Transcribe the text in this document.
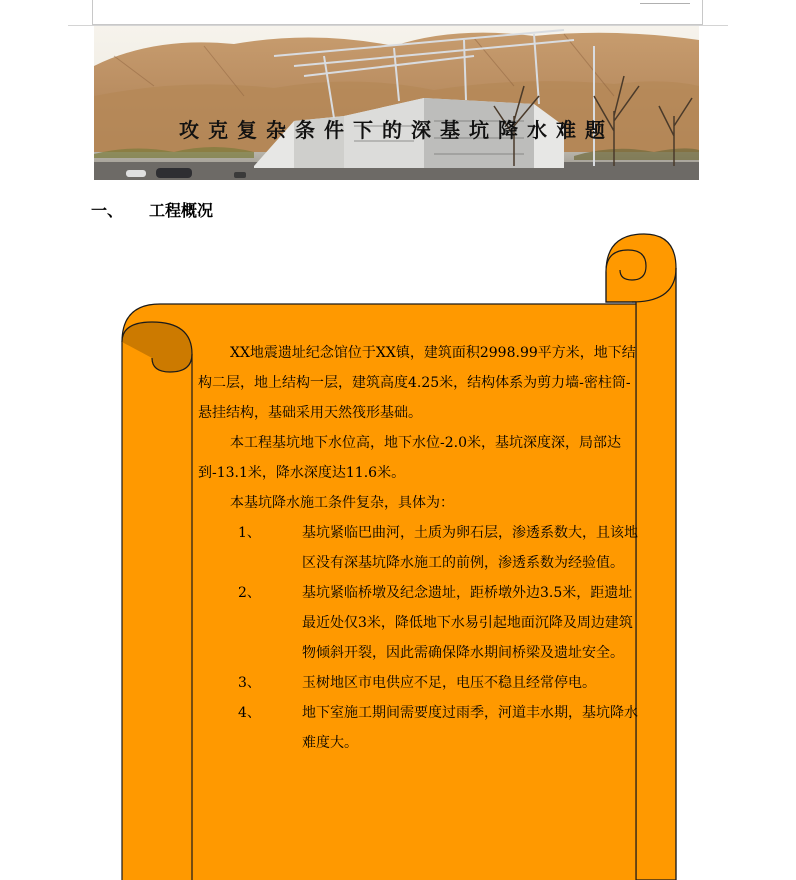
攻克复杂条件下的深基坑降水难题
一、 工程概况

XX地震遗址纪念馆位于XX镇，建筑面积2998.99平方米，地下结构二层，地上结构一层，建筑高度4.25米，结构体系为剪力墙-密柱筒-悬挂结构，基础采用天然筏形基础。

本工程基坑地下水位高，地下水位-2.0米，基坑深度深，局部达到-13.1米，降水深度达11.6米。

本基坑降水施工条件复杂，具体为：

1、	基坑紧临巴曲河，土质为卵石层，渗透系数大，且该地区没有深基坑降水施工的前例，渗透系数为经验值。
2、	基坑紧临桥墩及纪念遗址，距桥墩外边3.5米，距遗址最近处仅3米，降低地下水易引起地面沉降及周边建筑物倾斜开裂，因此需确保降水期间桥梁及遗址安全。
3、	玉树地区市电供应不足，电压不稳且经常停电。
4、	地下室施工期间需要度过雨季，河道丰水期，基坑降水难度大。
